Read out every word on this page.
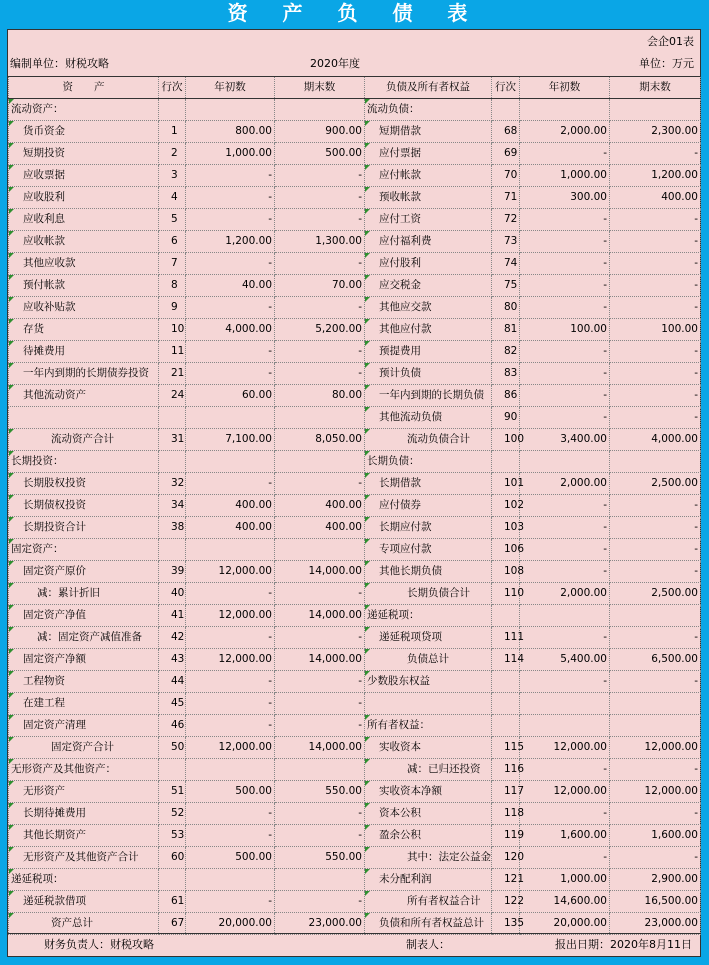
资 产 负 债 表
会企01表
编制单位：财税攻略	2020年度	单位：万元
资　　产	行次	年初数	期末数	负债及所有者权益	行次	年初数	期末数
流动资产：				流动负债：			
货币资金	1	800.00	900.00	短期借款	68	2,000.00	2,300.00
短期投资	2	1,000.00	500.00	应付票据	69	-	-
应收票据	3	-	-	应付帐款	70	1,000.00	1,200.00
应收股利	4	-	-	预收帐款	71	300.00	400.00
应收利息	5	-	-	应付工资	72	-	-
应收帐款	6	1,200.00	1,300.00	应付福利费	73	-	-
其他应收款	7	-	-	应付股利	74	-	-
预付帐款	8	40.00	70.00	应交税金	75	-	-
应收补贴款	9	-	-	其他应交款	80	-	-
存货	10	4,000.00	5,200.00	其他应付款	81	100.00	100.00
待摊费用	11	-	-	预提费用	82	-	-
一年内到期的长期债券投资	21	-	-	预计负债	83	-	-
其他流动资产	24	60.00	80.00	一年内到期的长期负债	86	-	-
				其他流动负债	90	-	-
流动资产合计	31	7,100.00	8,050.00	流动负债合计	100	3,400.00	4,000.00
长期投资：				长期负债：			
长期股权投资	32	-	-	长期借款	101	2,000.00	2,500.00
长期债权投资	34	400.00	400.00	应付债券	102	-	-
长期投资合计	38	400.00	400.00	长期应付款	103	-	-
固定资产：				专项应付款	106	-	-
固定资产原价	39	12,000.00	14,000.00	其他长期负债	108	-	-
减：累计折旧	40	-	-	长期负债合计	110	2,000.00	2,500.00
固定资产净值	41	12,000.00	14,000.00	递延税项：			
减：固定资产减值准备	42	-	-	递延税项贷项	111	-	-
固定资产净额	43	12,000.00	14,000.00	负债总计	114	5,400.00	6,500.00
工程物资	44	-	-	少数股东权益		-	-
在建工程	45	-	-				
固定资产清理	46	-	-	所有者权益：			
固定资产合计	50	12,000.00	14,000.00	实收资本	115	12,000.00	12,000.00
无形资产及其他资产：				减：已归还投资	116	-	-
无形资产	51	500.00	550.00	实收资本净额	117	12,000.00	12,000.00
长期待摊费用	52	-	-	资本公积	118	-	-
其他长期资产	53	-	-	盈余公积	119	1,600.00	1,600.00
无形资产及其他资产合计	60	500.00	550.00	其中：法定公益金	120	-	-
递延税项：				未分配利润	121	1,000.00	2,900.00
递延税款借项	61	-	-	所有者权益合计	122	14,600.00	16,500.00
资产总计	67	20,000.00	23,000.00	负债和所有者权益总计	135	20,000.00	23,000.00
财务负责人：财税攻略	制表人：	报出日期：2020年8月11日
